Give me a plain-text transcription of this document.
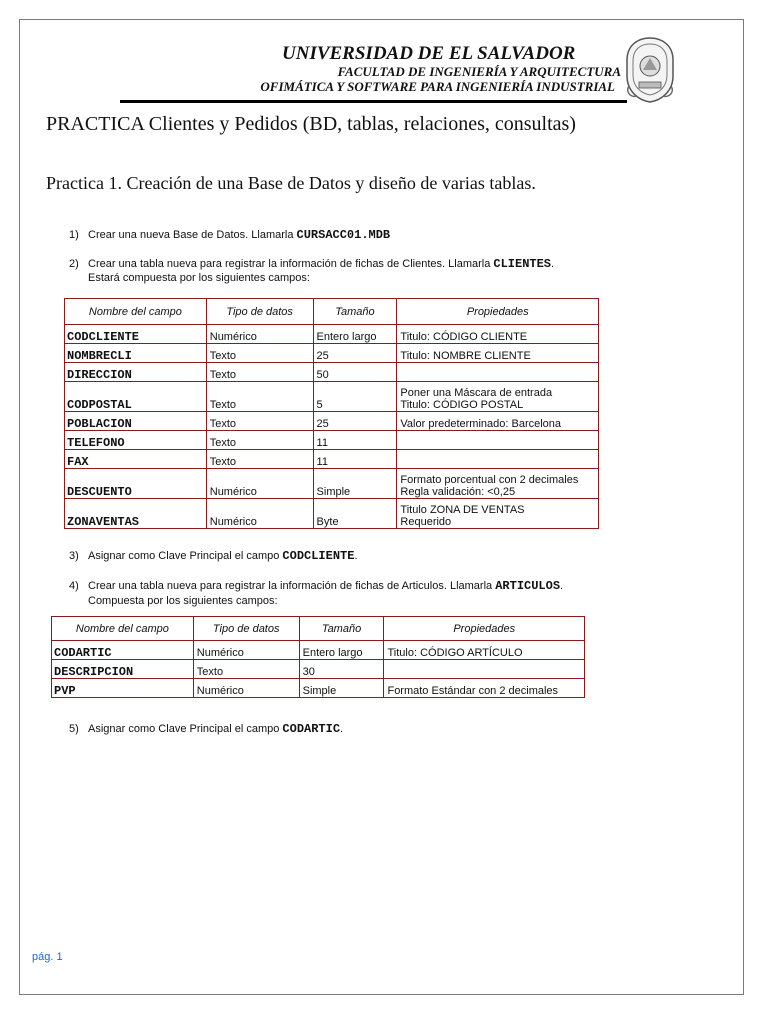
UNIVERSIDAD DE EL SALVADOR
FACULTAD DE INGENIERÍA Y ARQUITECTURA
OFIMÁTICA Y SOFTWARE PARA INGENIERÍA INDUSTRIAL
PRACTICA Clientes y Pedidos (BD, tablas, relaciones, consultas)
Practica 1. Creación de una Base de Datos y diseño de varias tablas.
1) Crear una nueva Base de Datos. Llamarla CURSACC01.MDB
2) Crear una tabla nueva para registrar la información de fichas de Clientes. Llamarla CLIENTES.
Estará compuesta por los siguientes campos:
Nombre del campo	Tipo de datos	Tamaño	Propiedades
CODCLIENTE	Numérico	Entero largo	Titulo: CÓDIGO CLIENTE

NOMBRECLI	Texto	25	Titulo: NOMBRE CLIENTE

DIRECCION	Texto	50	
CODPOSTAL	Texto	5	Poner una Máscara de entrada
Titulo: CÓDIGO POSTAL

POBLACION	Texto	25	Valor predeterminado: Barcelona

TELEFONO	Texto	11	
FAX	Texto	11	
DESCUENTO	Numérico	Simple	Formato porcentual con 2 decimales
Regla validación: <0,25

ZONAVENTAS	Numérico	Byte	Titulo ZONA DE VENTAS
Requerido
3) Asignar como Clave Principal el campo CODCLIENTE.
4) Crear una tabla nueva para registrar la información de fichas de Articulos. Llamarla ARTICULOS.
Compuesta por los siguientes campos:
Nombre del campo	Tipo de datos	Tamaño	Propiedades
CODARTIC	Numérico	Entero largo	Titulo: CÓDIGO ARTÍCULO

DESCRIPCION	Texto	30	
PVP	Numérico	Simple	Formato Estándar con 2 decimales
5) Asignar como Clave Principal el campo CODARTIC.
pág. 1
